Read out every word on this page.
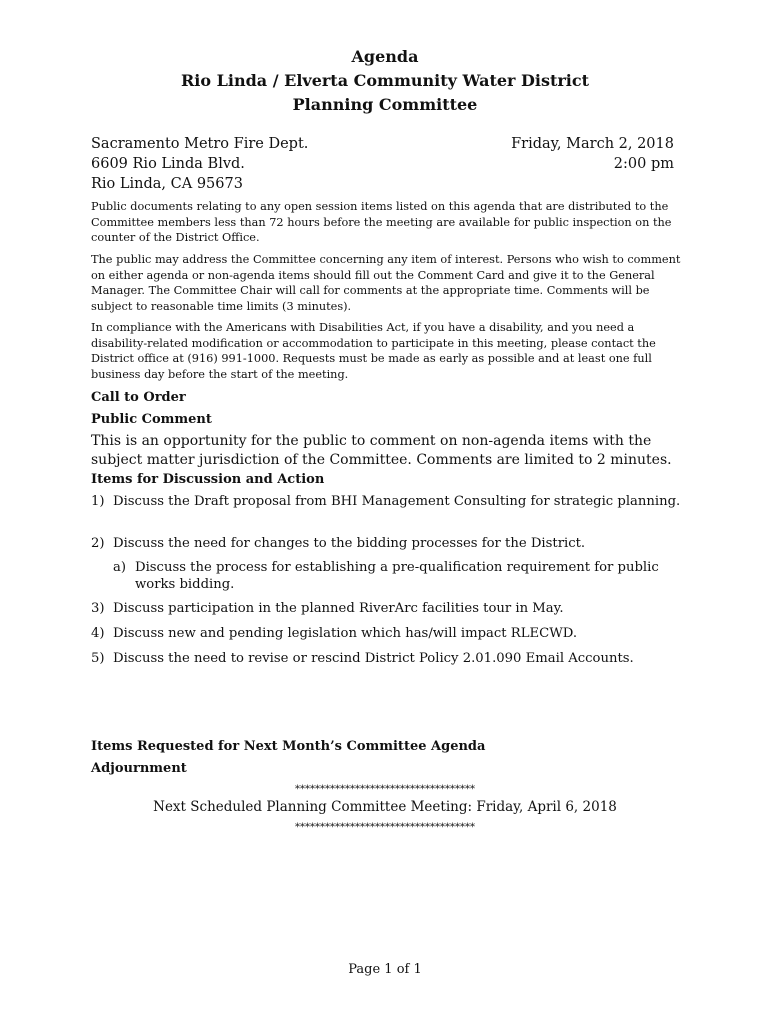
Agenda
Rio Linda / Elverta Community Water District
Planning Committee
Sacramento Metro Fire Dept.
6609 Rio Linda Blvd.
Rio Linda, CA 95673
Friday, March 2, 2018
2:00 pm

Public documents relating to any open session items listed on this agenda that are distributed to the Committee members less than 72 hours before the meeting are available for public inspection on the counter of the District Office.

The public may address the Committee concerning any item of interest. Persons who wish to comment on either agenda or non-agenda items should fill out the Comment Card and give it to the General Manager. The Committee Chair will call for comments at the appropriate time. Comments will be subject to reasonable time limits (3 minutes).

In compliance with the Americans with Disabilities Act, if you have a disability, and you need a disability-related modification or accommodation to participate in this meeting, please contact the District office at (916) 991-1000. Requests must be made as early as possible and at least one full business day before the start of the meeting.

Call to Order
Public Comment

This is an opportunity for the public to comment on non-agenda items with the subject matter jurisdiction of the Committee. Comments are limited to 2 minutes.

Items for Discussion and Action
1) Discuss the Draft proposal from BHI Management Consulting for strategic planning.
2) Discuss the need for changes to the bidding processes for the District.
a) Discuss the process for establishing a pre-qualification requirement for public works bidding.
3) Discuss participation in the planned RiverArc facilities tour in May.
4) Discuss new and pending legislation which has/will impact RLECWD.
5) Discuss the need to revise or rescind District Policy 2.01.090 Email Accounts.
Items Requested for Next Month’s Committee Agenda
Adjournment
************************************
Next Scheduled Planning Committee Meeting: Friday, April 6, 2018
************************************
Page 1 of 1
